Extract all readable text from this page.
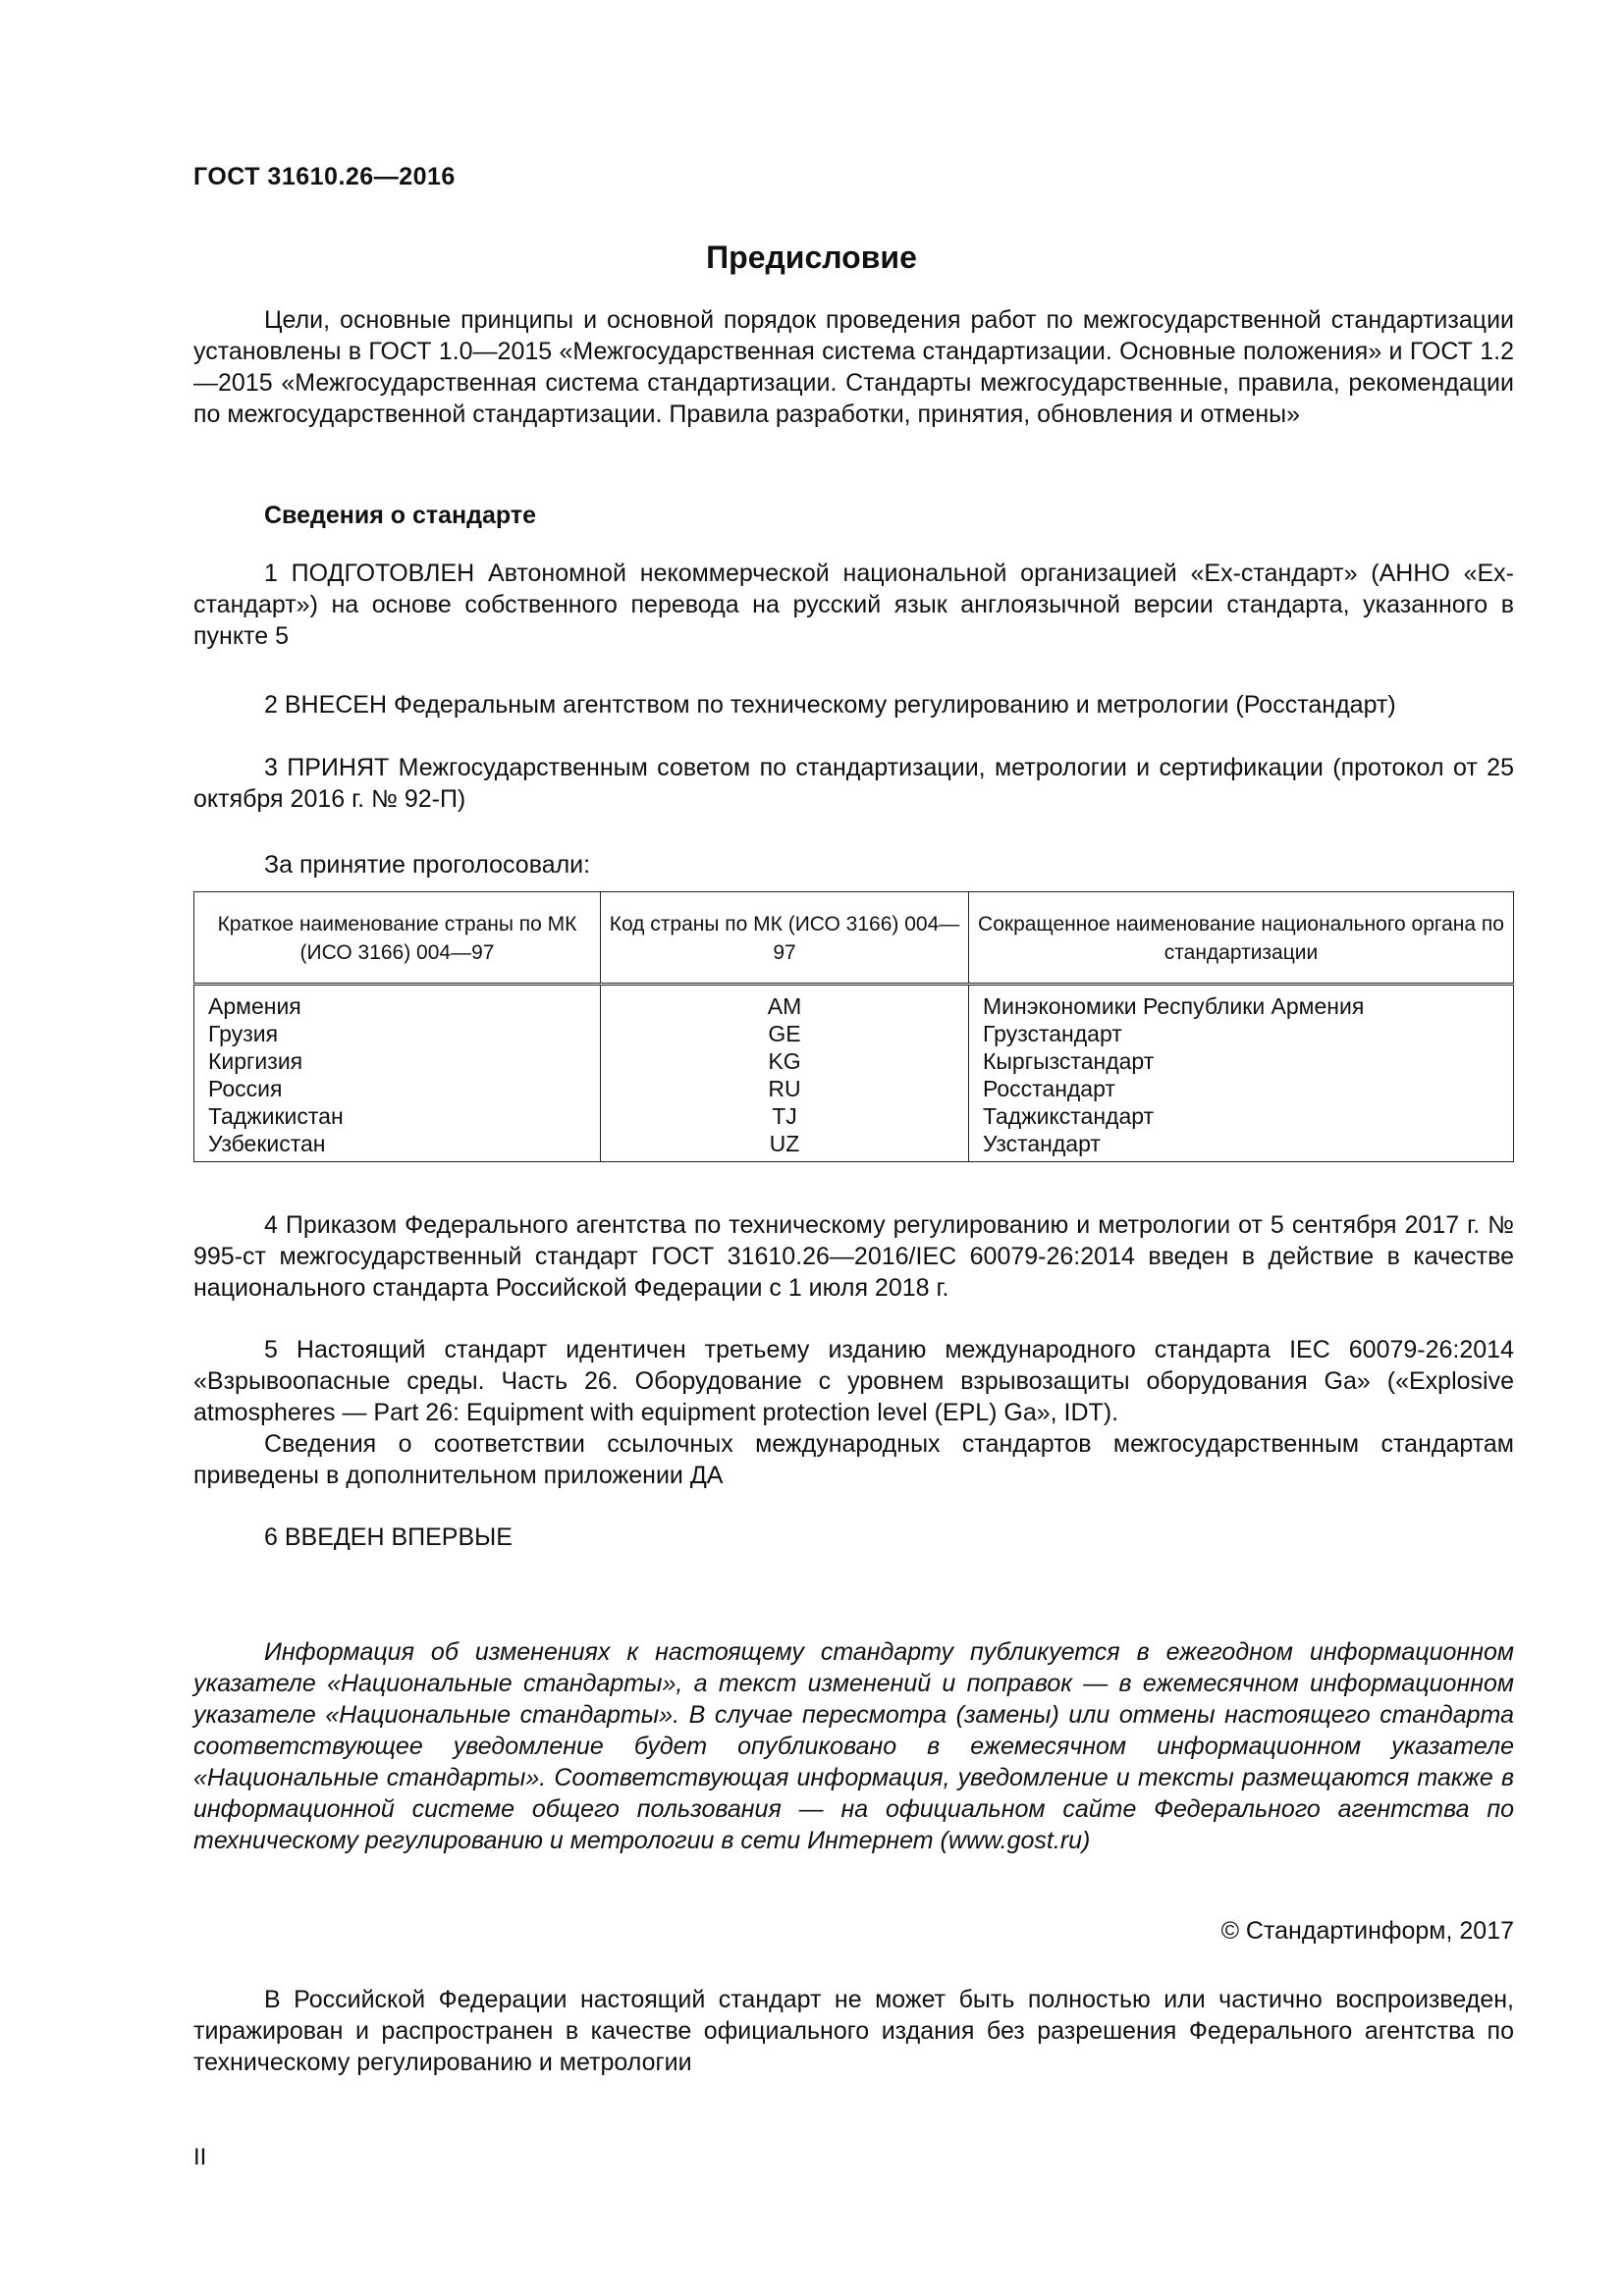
ГОСТ 31610.26—2016
Предисловие

Цели, основные принципы и основной порядок проведения работ по межгосударственной стандартизации установлены в ГОСТ 1.0—2015 «Межгосударственная система стандартизации. Основные положения» и ГОСТ 1.2—2015 «Межгосударственная система стандартизации. Стандарты межгосударственные, правила, рекомендации по межгосударственной стандартизации. Правила разработки, принятия, обновления и отмены»

Сведения о стандарте

1 ПОДГОТОВЛЕН Автономной некоммерческой национальной организацией «Ех-стандарт» (АННО «Ех-стандарт») на основе собственного перевода на русский язык англоязычной версии стандарта, указанного в пункте 5

2 ВНЕСЕН Федеральным агентством по техническому регулированию и метрологии (Росстандарт)

3 ПРИНЯТ Межгосударственным советом по стандартизации, метрологии и сертификации (протокол от 25 октября 2016 г. № 92-П)

За принятие проголосовали:

Краткое наименование страны по МК (ИСО 3166) 004—97	Код страны по МК (ИСО 3166) 004—97	Сокращенное наименование национального органа по стандартизации
Армения	AM	Минэкономики Республики Армения
Грузия	GE	Грузстандарт
Киргизия	KG	Кыргызстандарт
Россия	RU	Росстандарт
Таджикистан	TJ	Таджикстандарт
Узбекистан	UZ	Узстандарт

4 Приказом Федерального агентства по техническому регулированию и метрологии от 5 сентября 2017 г. № 995-ст межгосударственный стандарт ГОСТ 31610.26—2016/IEC 60079-26:2014 введен в действие в качестве национального стандарта Российской Федерации с 1 июля 2018 г.

5 Настоящий стандарт идентичен третьему изданию международного стандарта IEC 60079-26:2014 «Взрывоопасные среды. Часть 26. Оборудование с уровнем взрывозащиты оборудования Ga» («Explosive atmospheres — Part 26: Equipment with equipment protection level (EPL) Ga», IDT).

Сведения о соответствии ссылочных международных стандартов межгосударственным стандартам приведены в дополнительном приложении ДА

6 ВВЕДЕН ВПЕРВЫЕ

Информация об изменениях к настоящему стандарту публикуется в ежегодном информационном указателе «Национальные стандарты», а текст изменений и поправок — в ежемесячном информационном указателе «Национальные стандарты». В случае пересмотра (замены) или отмены настоящего стандарта соответствующее уведомление будет опубликовано в ежемесячном информационном указателе «Национальные стандарты». Соответствующая информация, уведомление и тексты размещаются также в информационной системе общего пользования — на официальном сайте Федерального агентства по техническому регулированию и метрологии в сети Интернет (www.gost.ru)

© Стандартинформ, 2017

В Российской Федерации настоящий стандарт не может быть полностью или частично воспроизведен, тиражирован и распространен в качестве официального издания без разрешения Федерального агентства по техническому регулированию и метрологии

II
